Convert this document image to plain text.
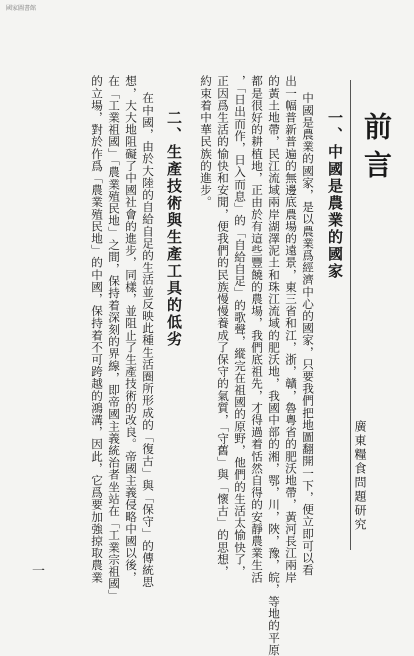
國家圖書館
前言
一、中國是農業的國家
中國是農業的國家，是以農業爲經濟中心的國家，只要我們把地圖翻開一下，便立即可以看
出一幅普新普遍的無邊底農場的遠景，東三省和江，浙，贛，魯粵省的肥沃地帶，黃河長江兩岸
的黃土地帶，民江流域兩岸湖澤泥土和珠江流域的肥沃地，我國中部的湘，鄂，川，陜，豫，皖，等地的平原
都是很好的耕植地，正由於有這些豐饒的農場，我們底祖先，才得過着恬然自得的安靜農業生活
，「日出而作，日入而息」的「自給自足」的歌聲，縱完在祖國的原野，他們的生活太愉快了，
正因爲生活的愉快和安閒，便我們的民族慢慢養成了保守的氣質，「守舊」與「懷古」的思想，
約束着中華民族的進步。
二、生產技術與生產工具的低劣
在中國，由於大陸的自給自足的生活並反映此種生活圈所形成的「復古」與「保守」的傳統思
想，大大地阻礙了中國社會的進步，同樣，並阻止了生產技術的改良。帝國主義侵略中國以後，
在「工業祖國」「農業殖民地」之間，保持着深刻的界線，即帝國主義統治者坐站在「工業宗祖國」
的立場，對於作爲「農業殖民地」的中國，保持着不可跨越的鴻溝，因此，它爲要加強掠取農業	廣東糧食問題研究
一
